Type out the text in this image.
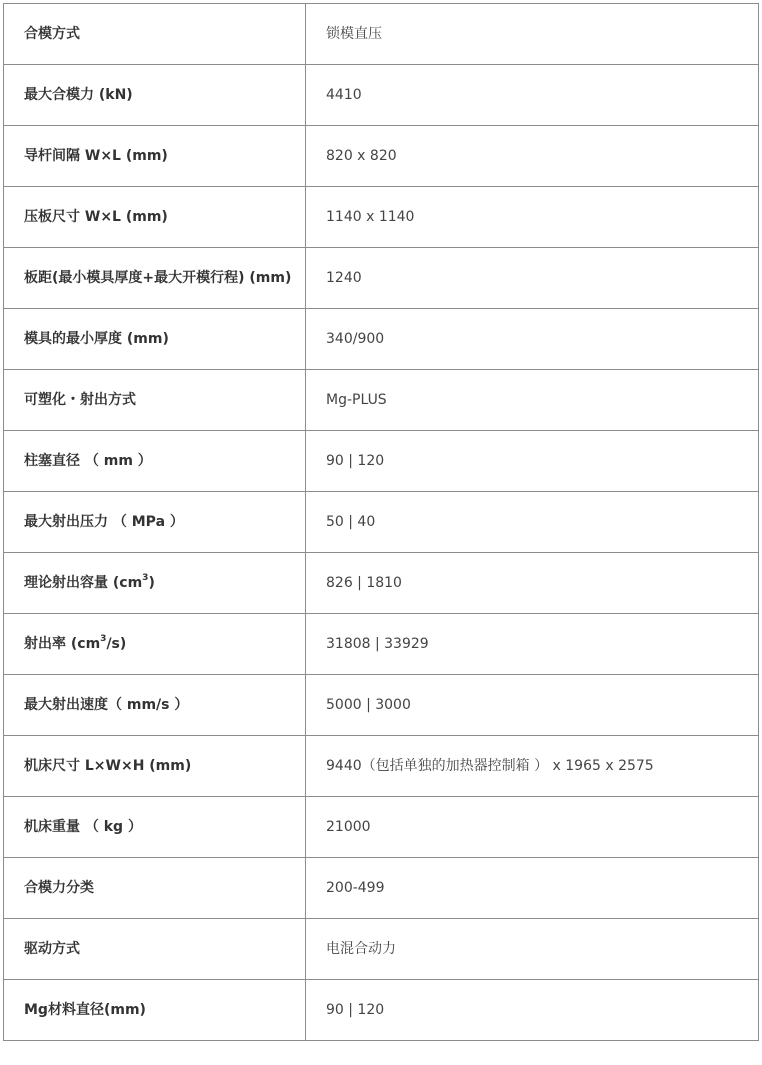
合模方式	锁模直压
最大合模力 (kN)	4410
导杆间隔 W×L (mm)	820 x 820
压板尺寸 W×L (mm)	1140 x 1140
板距(最小模具厚度+最大开模行程) (mm)	1240
模具的最小厚度 (mm)	340/900
可塑化・射出方式	Mg-PLUS
柱塞直径 （ mm ）	90 | 120
最大射出压力 （ MPa ）	50 | 40
理论射出容量 $(cm^3)$	826 | 1810
射出率 $(cm^3/s)$	31808 | 33929
最大射出速度（ mm/s ）	5000 | 3000
机床尺寸 L×W×H (mm)	9440（包括单独的加热器控制箱 ） x 1965 x 2575
机床重量 （ kg ）	21000
合模力分类	200-499
驱动方式	电混合动力
Mg材料直径(mm)	90 | 120
